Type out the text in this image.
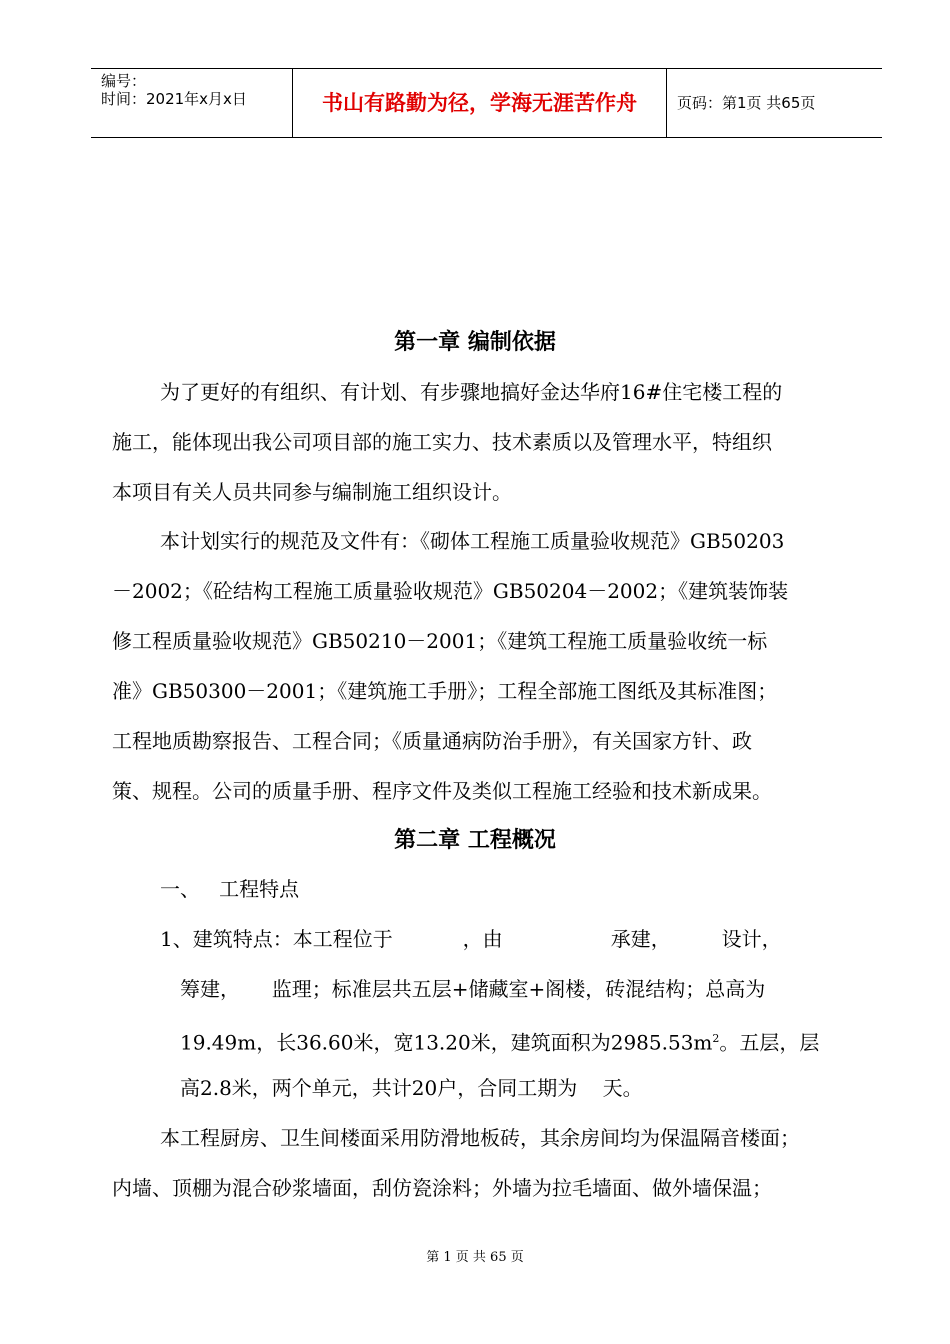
编号：
时间：2021年x月x日	书山有路勤为径，学海无涯苦作舟	页码：第1页 共65页
第一章 编制依据
为了更好的有组织、有计划、有步骤地搞好金达华府16#住宅楼工程的
施工，能体现出我公司项目部的施工实力、技术素质以及管理水平，特组织
本项目有关人员共同参与编制施工组织设计。
本计划实行的规范及文件有：《砌体工程施工质量验收规范》GB50203
－2002；《砼结构工程施工质量验收规范》GB50204－2002；《建筑装饰装
修工程质量验收规范》GB50210－2001；《建筑工程施工质量验收统一标
准》GB50300－2001；《建筑施工手册》；工程全部施工图纸及其标准图；
工程地质勘察报告、工程合同；《质量通病防治手册》，有关国家方针、政
策、规程。公司的质量手册、程序文件及类似工程施工经验和技术新成果。
第二章 工程概况
一、   工程特点
1、建筑特点：本工程位于           ，由                 承建，        设计，
筹建，     监理；标准层共五层+储藏室+阁楼，砖混结构；总高为
19.49m，长36.60米，宽13.20米，建筑面积为$2985.53m^2$。五层，层
高2.8米，两个单元，共计20户，合同工期为    天。
本工程厨房、卫生间楼面采用防滑地板砖，其余房间均为保温隔音楼面；
内墙、顶棚为混合砂浆墙面，刮仿瓷涂料；外墙为拉毛墙面、做外墙保温；
第 1 页 共 65 页
